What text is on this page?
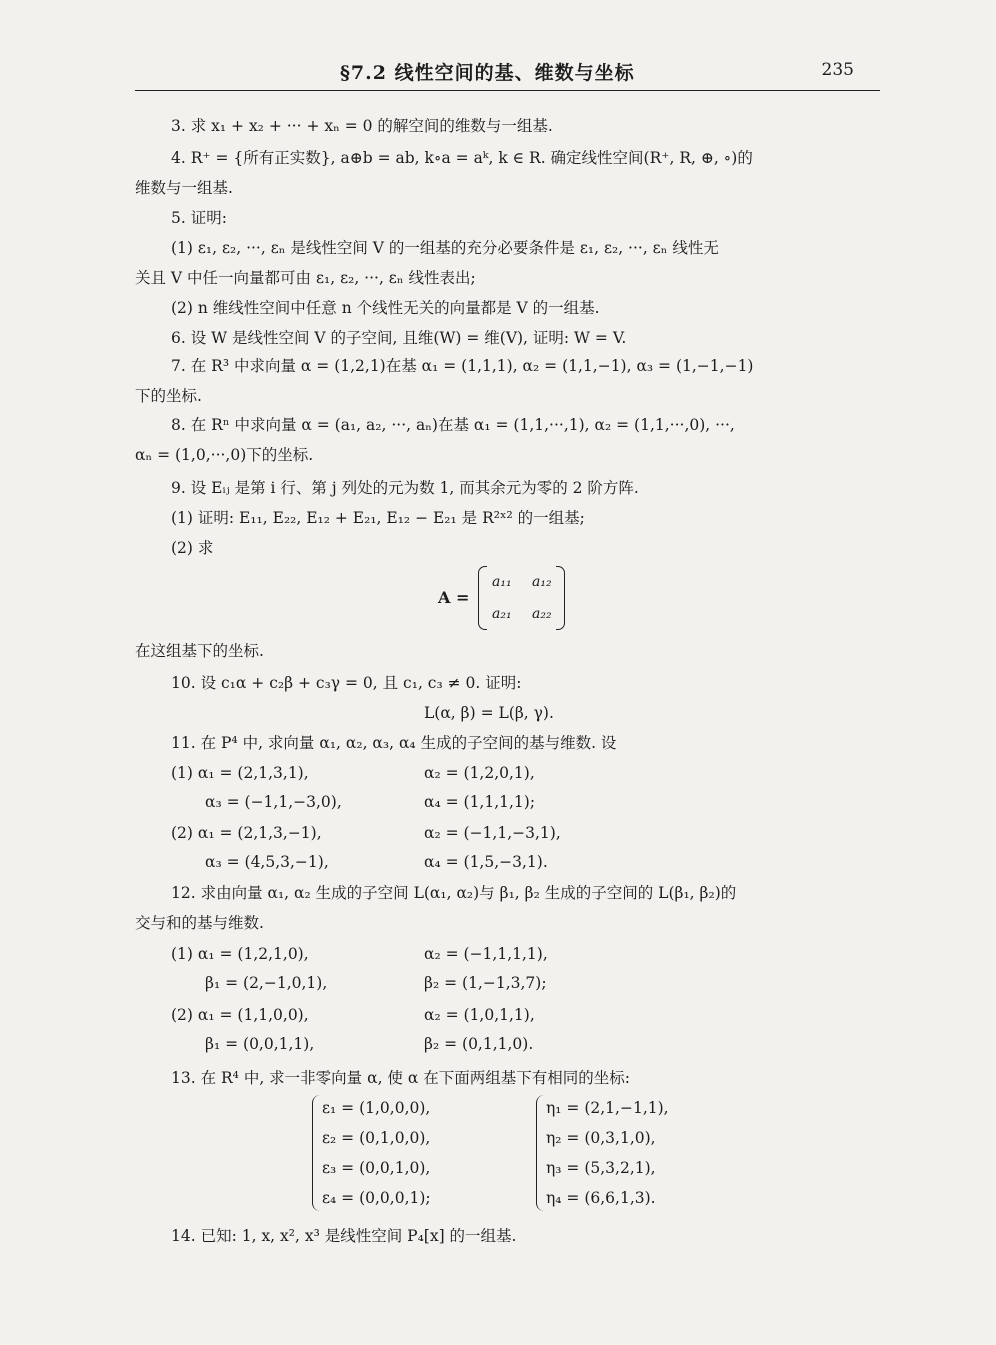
§7.2 线性空间的基、维数与坐标	235
3. 求 x₁ + x₂ + ··· + xₙ = 0 的解空间的维数与一组基.
4. R⁺ = {所有正实数}, a⊕b = ab, k∘a = aᵏ, k ∈ R. 确定线性空间(R⁺, R, ⊕, ∘)的
维数与一组基.
5. 证明:
(1) ε₁, ε₂, ···, εₙ 是线性空间 V 的一组基的充分必要条件是 ε₁, ε₂, ···, εₙ 线性无
关且 V 中任一向量都可由 ε₁, ε₂, ···, εₙ 线性表出;
(2) n 维线性空间中任意 n 个线性无关的向量都是 V 的一组基.
6. 设 W 是线性空间 V 的子空间, 且维(W) = 维(V), 证明: W = V.
7. 在 R³ 中求向量 α = (1,2,1)在基 α₁ = (1,1,1), α₂ = (1,1,−1), α₃ = (1,−1,−1)
下的坐标.
8. 在 Rⁿ 中求向量 α = (a₁, a₂, ···, aₙ)在基 α₁ = (1,1,···,1), α₂ = (1,1,···,0), ···,
αₙ = (1,0,···,0)下的坐标.
9. 设 Eᵢⱼ 是第 i 行、第 j 列处的元为数 1, 而其余元为零的 2 阶方阵.
(1) 证明: E₁₁, E₂₂, E₁₂ + E₂₁, E₁₂ − E₂₁ 是 R²ˣ² 的一组基;
(2) 求
A =
a₁₁ a₁₂
a₂₁ a₂₂
在这组基下的坐标.
10. 设 c₁α + c₂β + c₃γ = 0, 且 c₁, c₃ ≠ 0. 证明:
L(α, β) = L(β, γ).
11. 在 P⁴ 中, 求向量 α₁, α₂, α₃, α₄ 生成的子空间的基与维数. 设
(1) α₁ = (2,1,3,1),	α₂ = (1,2,0,1),
α₃ = (−1,1,−3,0),	α₄ = (1,1,1,1);
(2) α₁ = (2,1,3,−1),	α₂ = (−1,1,−3,1),
α₃ = (4,5,3,−1),	α₄ = (1,5,−3,1).
12. 求由向量 α₁, α₂ 生成的子空间 L(α₁, α₂)与 β₁, β₂ 生成的子空间的 L(β₁, β₂)的
交与和的基与维数.
(1) α₁ = (1,2,1,0),	α₂ = (−1,1,1,1),
β₁ = (2,−1,0,1),	β₂ = (1,−1,3,7);
(2) α₁ = (1,1,0,0),	α₂ = (1,0,1,1),
β₁ = (0,0,1,1),	β₂ = (0,1,1,0).
13. 在 R⁴ 中, 求一非零向量 α, 使 α 在下面两组基下有相同的坐标:
ε₁ = (1,0,0,0),
ε₂ = (0,1,0,0),
ε₃ = (0,0,1,0),
ε₄ = (0,0,0,1);
η₁ = (2,1,−1,1),
η₂ = (0,3,1,0),
η₃ = (5,3,2,1),
η₄ = (6,6,1,3).
14. 已知: 1, x, x², x³ 是线性空间 P₄[x] 的一组基.
